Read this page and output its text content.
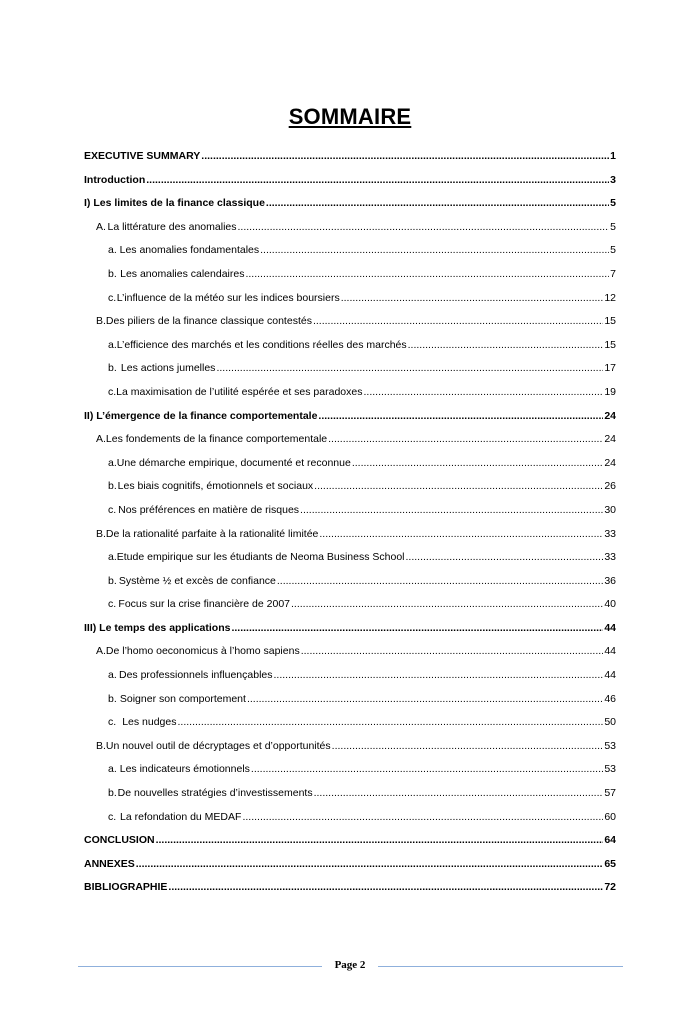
SOMMAIRE
EXECUTIVE SUMMARY .....	1
Introduction .....	3
I) Les limites de la finance classique .....	5
A. La littérature des anomalies .....	5
a. Les anomalies fondamentales .....	5
b. Les anomalies calendaires .....	7
c. L’influence de la météo sur les indices boursiers .....	12
B. Des piliers de la finance classique contestés .....	15
a. L’efficience des marchés et les conditions réelles des marchés .....	15
b. Les actions jumelles .....	17
c. La maximisation de l’utilité espérée et ses paradoxes .....	19
II) L’émergence de la finance comportementale .....	24
A. Les fondements de la finance comportementale .....	24
a. Une démarche empirique, documenté et reconnue .....	24
b. Les biais cognitifs, émotionnels et sociaux .....	26
c. Nos préférences en matière de risques .....	30
B. De la rationalité parfaite à la rationalité limitée .....	33
a. Etude empirique sur les étudiants de Neoma Business School .....	33
b. Système ½ et excès de confiance .....	36
c. Focus sur la crise financière de 2007 .....	40
III) Le temps des applications .....	44
A. De l’homo oeconomicus à l’homo sapiens .....	44
a. Des professionnels influençables .....	44
b. Soigner son comportement .....	46
c. Les nudges .....	50
B. Un nouvel outil de décryptages et d’opportunités .....	53
a. Les indicateurs émotionnels .....	53
b. De nouvelles stratégies d’investissements .....	57
c. La refondation du MEDAF .....	60
CONCLUSION .....	64
ANNEXES .....	65
BIBLIOGRAPHIE .....	72
Page 2
